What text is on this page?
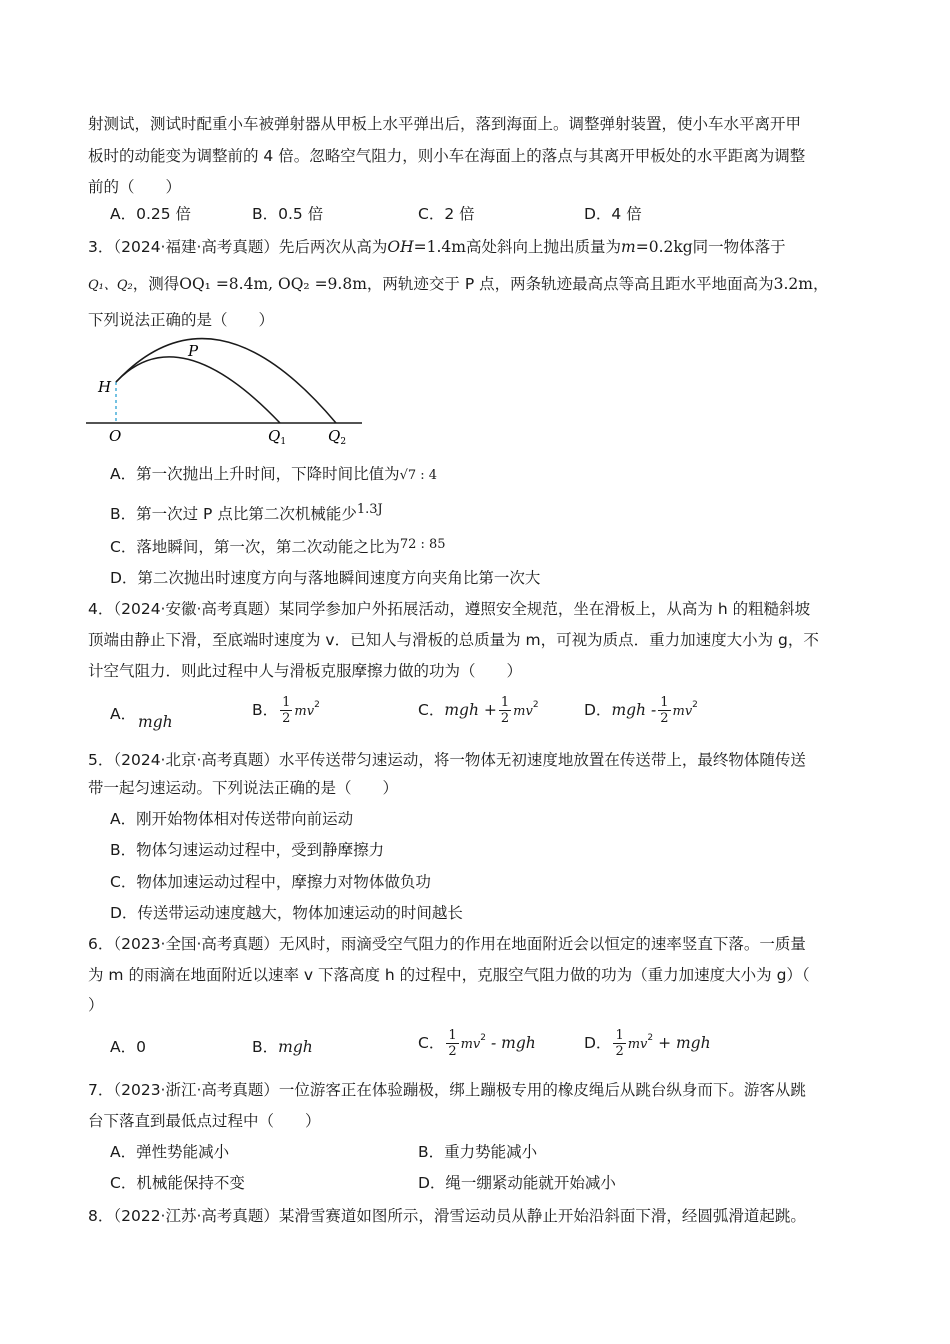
射测试，测试时配重小车被弹射器从甲板上水平弹出后，落到海面上。调整弹射装置，使小车水平离开甲
板时的动能变为调整前的 4 倍。忽略空气阻力，则小车在海面上的落点与其离开甲板处的水平距离为调整
前的（　　）
A．0.25 倍	B．0.5 倍	C．2 倍	D．4 倍
3．（2024·福建·高考真题）先后两次从高为OH=1.4m高处斜向上抛出质量为m=0.2kg同一物体落于
Q₁、Q₂，测得OQ₁ =8.4m, OQ₂ =9.8m，两轨迹交于 P 点，两条轨迹最高点等高且距水平地面高为3.2m，
下列说法正确的是（　　）
H
P
O	$Q_1$	$Q_2$
A．第一次抛出上升时间，下降时间比值为√7 : 4
B．第一次过 P 点比第二次机械能少$^{1.3J}$
C．落地瞬间，第一次，第二次动能之比为$^{72 : 85}$
D．第二次抛出时速度方向与落地瞬间速度方向夹角比第一次大
4．（2024·安徽·高考真题）某同学参加户外拓展活动，遵照安全规范，坐在滑板上，从高为 h 的粗糙斜坡
顶端由静止下滑，至底端时速度为 v．已知人与滑板的总质量为 m，可视为质点．重力加速度大小为 g，不
计空气阻力．则此过程中人与滑板克服摩擦力做的功为（　　）
A． mgh
B． $\frac{1}{2} mv^2$	C．mgh + $\frac{1}{2} mv^2$	D．mgh - $\frac{1}{2} mv^2$
5．（2024·北京·高考真题）水平传送带匀速运动，将一物体无初速度地放置在传送带上，最终物体随传送
带一起匀速运动。下列说法正确的是（　　）
A．刚开始物体相对传送带向前运动
B．物体匀速运动过程中，受到静摩擦力
C．物体加速运动过程中，摩擦力对物体做负功
D．传送带运动速度越大，物体加速运动的时间越长
6．（2023·全国·高考真题）无风时，雨滴受空气阻力的作用在地面附近会以恒定的速率竖直下落。一质量
为 m 的雨滴在地面附近以速率 v 下落高度 h 的过程中，克服空气阻力做的功为（重力加速度大小为 g）（
）
A．0	B．mgh	C． $\frac{1}{2} mv^2$ - mgh	D． $\frac{1}{2} mv^2$ + mgh
7．（2023·浙江·高考真题）一位游客正在体验蹦极，绑上蹦极专用的橡皮绳后从跳台纵身而下。游客从跳
台下落直到最低点过程中（　　）
A．弹性势能减小	B．重力势能减小
C．机械能保持不变	D．绳一绷紧动能就开始减小
8．（2022·江苏·高考真题）某滑雪赛道如图所示，滑雪运动员从静止开始沿斜面下滑，经圆弧滑道起跳。
